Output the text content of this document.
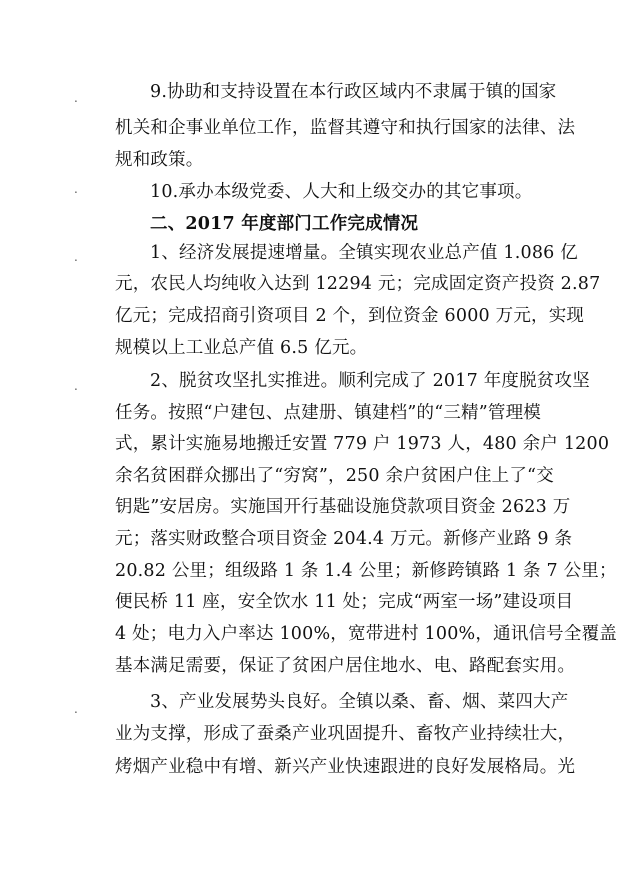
.
.
.
.
.
9.协助和支持设置在本行政区域内不隶属于镇的国家
机关和企事业单位工作，监督其遵守和执行国家的法律、法
规和政策。
10.承办本级党委、人大和上级交办的其它事项。
二、2017 年度部门工作完成情况
1、经济发展提速增量。全镇实现农业总产值 1.086 亿
元，农民人均纯收入达到 12294 元；完成固定资产投资 2.87
亿元；完成招商引资项目 2 个，到位资金 6000 万元，实现
规模以上工业总产值 6.5 亿元。
2、脱贫攻坚扎实推进。顺利完成了 2017 年度脱贫攻坚
任务。按照“户建包、点建册、镇建档”的“三精”管理模
式，累计实施易地搬迁安置 779 户 1973 人，480 余户 1200
余名贫困群众挪出了“穷窝”，250 余户贫困户住上了“交
钥匙”安居房。实施国开行基础设施贷款项目资金 2623 万
元；落实财政整合项目资金 204.4 万元。新修产业路 9 条
20.82 公里；组级路 1 条 1.4 公里；新修跨镇路 1 条 7 公里；
便民桥 11 座，安全饮水 11 处；完成“两室一场”建设项目
4 处；电力入户率达 100%，宽带进村 100%，通讯信号全覆盖
基本满足需要，保证了贫困户居住地水、电、路配套实用。
3、产业发展势头良好。全镇以桑、畜、烟、菜四大产
业为支撑，形成了蚕桑产业巩固提升、畜牧产业持续壮大，
烤烟产业稳中有增、新兴产业快速跟进的良好发展格局。光
